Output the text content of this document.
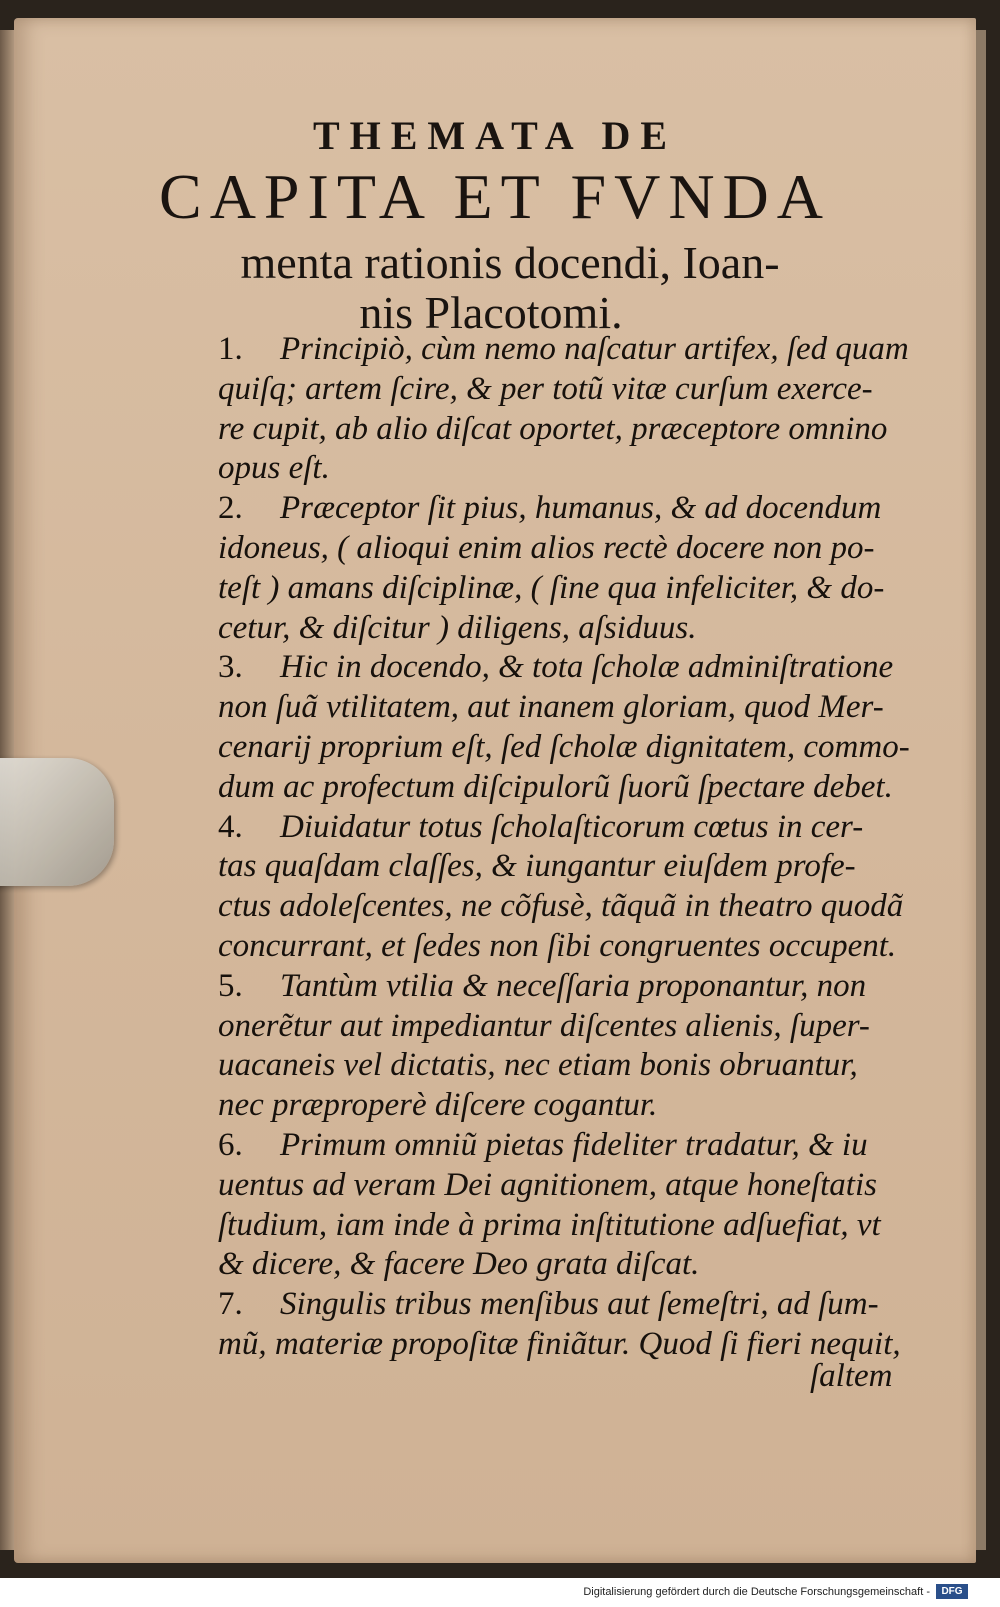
THEMATA DE
CAPITA ET FVNDA
menta rationis docendi, Ioan-
nis Placotomi.
1. Principiò, cùm nemo naſcatur artifex, ſed quam
quiſq; artem ſcire, & per totũ vitæ curſum exerce-
re cupit, ab alio diſcat oportet, præceptore omnino
opus eſt.
2. Præceptor ſit pius, humanus, & ad docendum
idoneus, ( alioqui enim alios rectè docere non po-
teſt ) amans diſciplinæ, ( ſine qua infeliciter, & do-
cetur, & diſcitur ) diligens, aſsiduus.
3. Hic in docendo, & tota ſcholæ adminiſtratione
non ſuã vtilitatem, aut inanem gloriam, quod Mer-
cenarij proprium eſt, ſed ſcholæ dignitatem, commo-
dum ac profectum diſcipulorũ ſuorũ ſpectare debet.
4. Diuidatur totus ſcholaſticorum cœtus in cer-
tas quaſdam claſſes, & iungantur eiuſdem profe-
ctus adoleſcentes, ne cõfusè, tãquã in theatro quodã
concurrant, et ſedes non ſibi congruentes occupent.
5. Tantùm vtilia & neceſſaria proponantur, non
onerẽtur aut impediantur diſcentes alienis, ſuper-
uacaneis vel dictatis, nec etiam bonis obruantur,
nec præproperè diſcere cogantur.
6. Primum omniũ pietas fideliter tradatur, & iu
uentus ad veram Dei agnitionem, atque honeſtatis
ſtudium, iam inde à prima inſtitutione adſuefiat, vt
& dicere, & facere Deo grata diſcat.
7. Singulis tribus menſibus aut ſemeſtri, ad ſum-
mũ, materiæ propoſitæ finiãtur. Quod ſi fieri nequit,
ſaltem
Digitalisierung gefördert durch die Deutsche Forschungsgemeinschaft -	DFG
